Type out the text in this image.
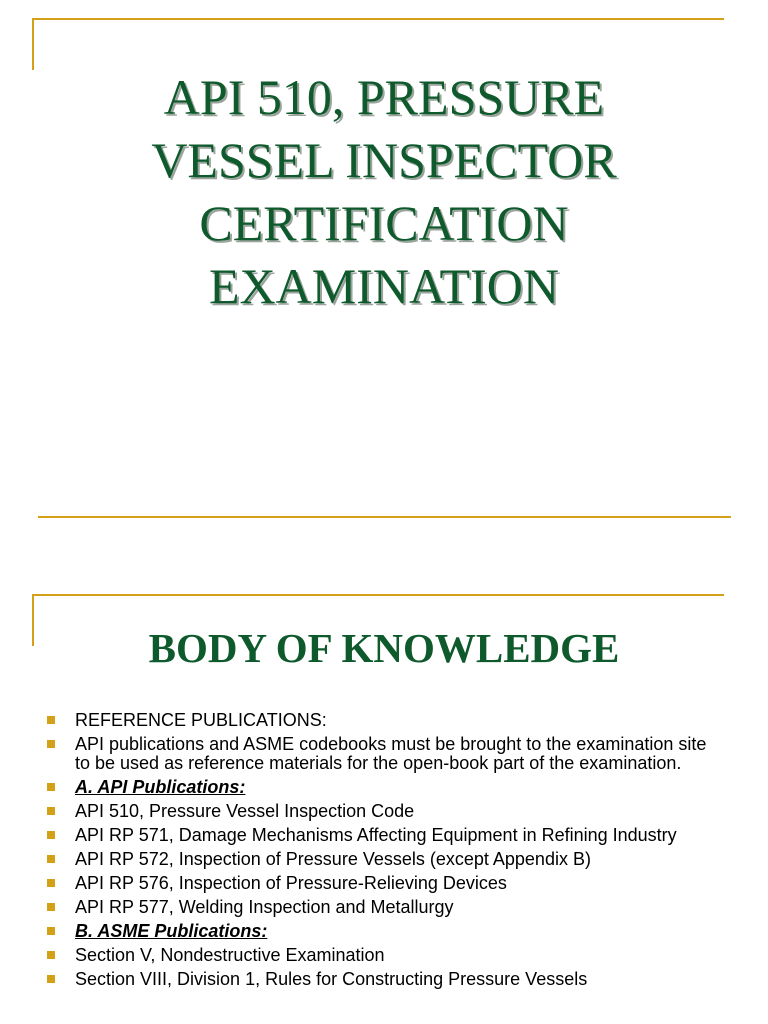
API 510, PRESSURE
VESSEL INSPECTOR
CERTIFICATION
EXAMINATION
BODY OF KNOWLEDGE
REFERENCE PUBLICATIONS:
API publications and ASME codebooks must be brought to the examination site to be used as reference materials for the open-book part of the examination.
A. API Publications:
API 510, Pressure Vessel Inspection Code
API RP 571, Damage Mechanisms Affecting Equipment in Refining Industry
API RP 572, Inspection of Pressure Vessels (except Appendix B)
API RP 576, Inspection of Pressure-Relieving Devices
API RP 577, Welding Inspection and Metallurgy
B. ASME Publications:
Section V, Nondestructive Examination
Section VIII, Division 1, Rules for Constructing Pressure Vessels
